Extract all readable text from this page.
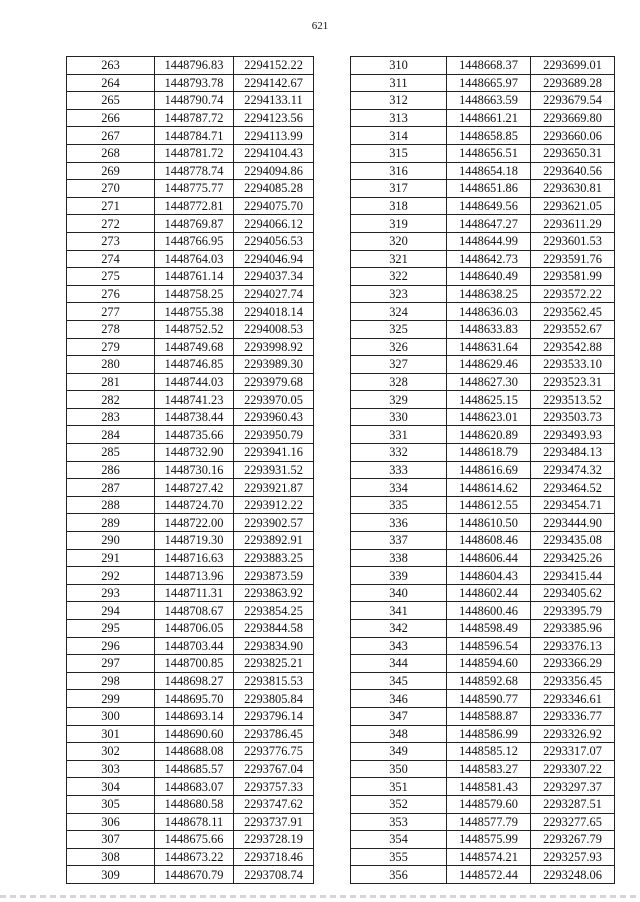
621
263	1448796.83	2294152.22
264	1448793.78	2294142.67
265	1448790.74	2294133.11
266	1448787.72	2294123.56
267	1448784.71	2294113.99
268	1448781.72	2294104.43
269	1448778.74	2294094.86
270	1448775.77	2294085.28
271	1448772.81	2294075.70
272	1448769.87	2294066.12
273	1448766.95	2294056.53
274	1448764.03	2294046.94
275	1448761.14	2294037.34
276	1448758.25	2294027.74
277	1448755.38	2294018.14
278	1448752.52	2294008.53
279	1448749.68	2293998.92
280	1448746.85	2293989.30
281	1448744.03	2293979.68
282	1448741.23	2293970.05
283	1448738.44	2293960.43
284	1448735.66	2293950.79
285	1448732.90	2293941.16
286	1448730.16	2293931.52
287	1448727.42	2293921.87
288	1448724.70	2293912.22
289	1448722.00	2293902.57
290	1448719.30	2293892.91
291	1448716.63	2293883.25
292	1448713.96	2293873.59
293	1448711.31	2293863.92
294	1448708.67	2293854.25
295	1448706.05	2293844.58
296	1448703.44	2293834.90
297	1448700.85	2293825.21
298	1448698.27	2293815.53
299	1448695.70	2293805.84
300	1448693.14	2293796.14
301	1448690.60	2293786.45
302	1448688.08	2293776.75
303	1448685.57	2293767.04
304	1448683.07	2293757.33
305	1448680.58	2293747.62
306	1448678.11	2293737.91
307	1448675.66	2293728.19
308	1448673.22	2293718.46
309	1448670.79	2293708.74
310	1448668.37	2293699.01
311	1448665.97	2293689.28
312	1448663.59	2293679.54
313	1448661.21	2293669.80
314	1448658.85	2293660.06
315	1448656.51	2293650.31
316	1448654.18	2293640.56
317	1448651.86	2293630.81
318	1448649.56	2293621.05
319	1448647.27	2293611.29
320	1448644.99	2293601.53
321	1448642.73	2293591.76
322	1448640.49	2293581.99
323	1448638.25	2293572.22
324	1448636.03	2293562.45
325	1448633.83	2293552.67
326	1448631.64	2293542.88
327	1448629.46	2293533.10
328	1448627.30	2293523.31
329	1448625.15	2293513.52
330	1448623.01	2293503.73
331	1448620.89	2293493.93
332	1448618.79	2293484.13
333	1448616.69	2293474.32
334	1448614.62	2293464.52
335	1448612.55	2293454.71
336	1448610.50	2293444.90
337	1448608.46	2293435.08
338	1448606.44	2293425.26
339	1448604.43	2293415.44
340	1448602.44	2293405.62
341	1448600.46	2293395.79
342	1448598.49	2293385.96
343	1448596.54	2293376.13
344	1448594.60	2293366.29
345	1448592.68	2293356.45
346	1448590.77	2293346.61
347	1448588.87	2293336.77
348	1448586.99	2293326.92
349	1448585.12	2293317.07
350	1448583.27	2293307.22
351	1448581.43	2293297.37
352	1448579.60	2293287.51
353	1448577.79	2293277.65
354	1448575.99	2293267.79
355	1448574.21	2293257.93
356	1448572.44	2293248.06
